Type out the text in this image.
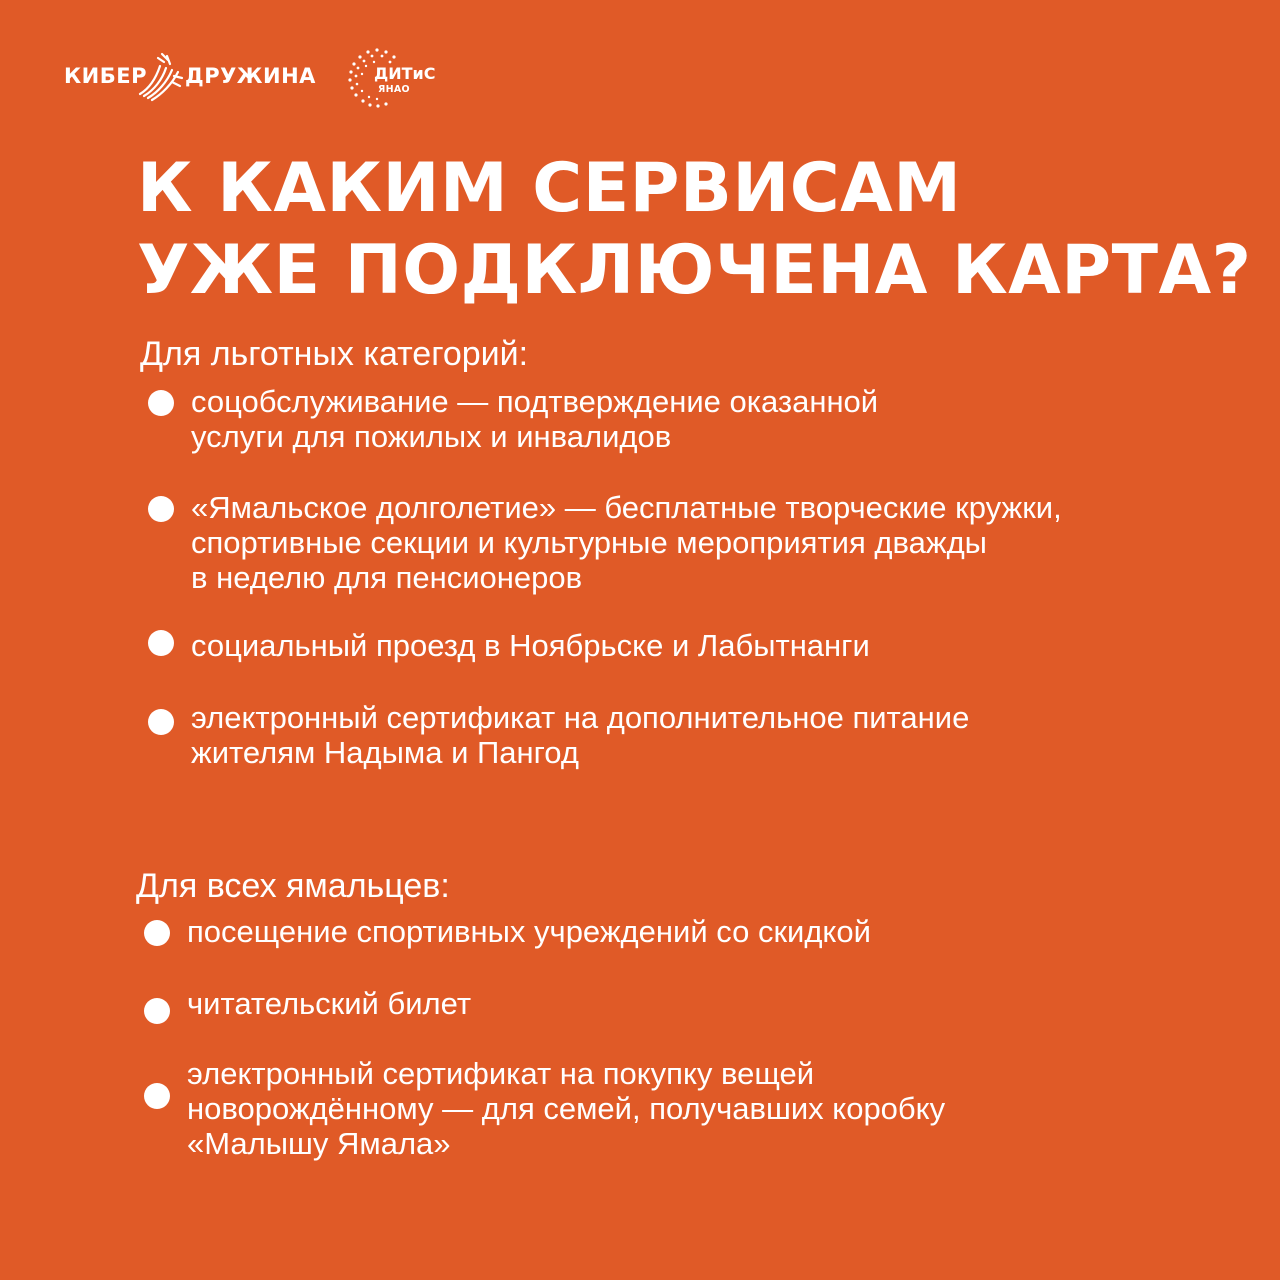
КИБЕР ДРУЖИНА	ДИТиС
ЯНАО
К КАКИМ СЕРВИСАМ
УЖЕ ПОДКЛЮЧЕНА КАРТА?
Для льготных категорий:
соцобслуживание — подтверждение оказанной
услуги для пожилых и инвалидов
«Ямальское долголетие» — бесплатные творческие кружки,
спортивные секции и культурные мероприятия дважды
в неделю для пенсионеров
социальный проезд в Ноябрьске и Лабытнанги
электронный сертификат на дополнительное питание
жителям Надыма и Пангод
Для всех ямальцев:
посещение спортивных учреждений со скидкой
читательский билет
электронный сертификат на покупку вещей
новорождённому — для семей, получавших коробку
«Малышу Ямала»
